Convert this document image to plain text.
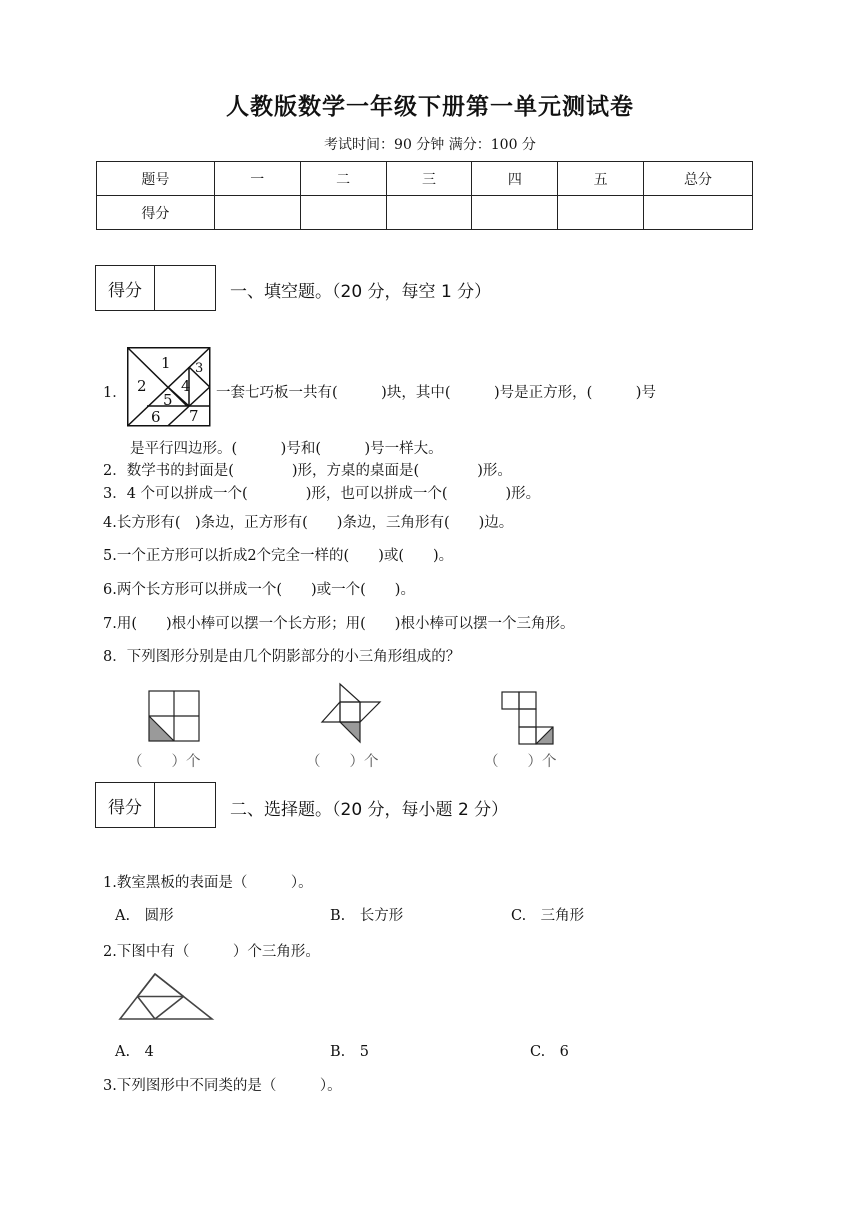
人教版数学一年级下册第一单元测试卷
考试时间：90 分钟 满分：100 分
题号	一	二	三	四	五	总分
得分						
得分	一、填空题。（20 分，每空 1 分）
1．
1
2
3
4
5
6 7
一套七巧板一共有(　　　)块，其中(　　　)号是正方形，(　　　)号
是平行四边形。(　　　)号和(　　　)号一样大。
2．数学书的封面是(　　　　)形，方桌的桌面是(　　　　)形。
3．4 个可以拼成一个(　　　　)形，也可以拼成一个(　　　　)形。
4.长方形有(　)条边，正方形有(　　)条边，三角形有(　　)边。
5.一个正方形可以折成2个完全一样的(　　)或(　　)。
6.两个长方形可以拼成一个(　　)或一个(　　)。
7.用(　　)根小棒可以摆一个长方形；用(　　)根小棒可以摆一个三角形。
8．下列图形分别是由几个阴影部分的小三角形组成的？
（　　）个	（　　）个	（　　）个
得分	二、选择题。（20 分，每小题 2 分）
1.教室黑板的表面是（　　　）。
A.　圆形	B.　长方形	C.　三角形
2.下图中有（　　　）个三角形。
A.　4	B.　5	C.　6
3.下列图形中不同类的是（　　　）。
